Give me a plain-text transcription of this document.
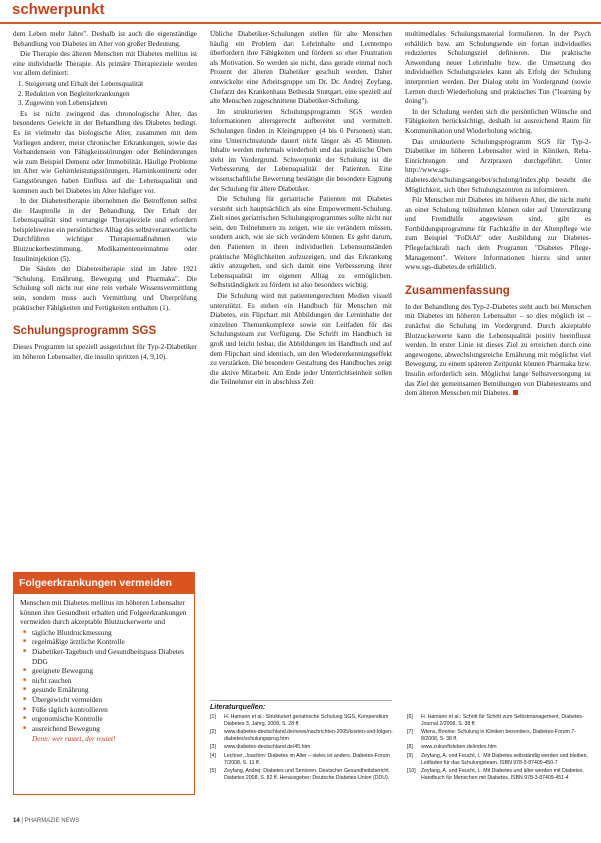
schwerpunkt

dem Leben mehr Jahre". Deshalb ist auch die eigenständige Behandlung von Diabetes im Alter von großer Bedeutung.

Die Therapie des älteren Menschen mit Diabetes mellitus ist eine individuelle Therapie. Als primäre Therapieziele werden vor allem definiert:

1. Steigerung und Erhalt der Lebensqualität
2. Reduktion von Begleiterkrankungen
3. Zugewinn von Lebensjahren

Es ist nicht zwingend das chronologische Alter, das besonderes Gewicht in der Behandlung des Diabetes bedingt. Es ist vielmehr das biologische Alter, zusammen mit dem Vorliegen anderer, meist chronischer Erkrankungen, sowie das Vorhandensein von Fähigkeitsstörungen oder Behinderungen wie zum Beispiel Demenz oder Immobilität. Häufige Probleme im Alter wie Gehirnleistungsstörungen, Harninkontinenz oder Gangstörungen haben Einfluss auf die Lebensqualität und kommen auch bei Diabetes im Alter häufiger vor.

In der Diabetestherapie übernehmen die Betroffenen selbst die Hauptrolle in der Behandlung. Der Erhalt der Lebensqualität sind vorrangige Therapieziele und erfordern beispielsweise ein persönliches Alltag des selbstverantwortliche Durchführen wichtiger Therapiemaßnahmen wie Blutzuckerbestimmung, Medikamenteneinnahme oder Insulininjektion (5).

Die Säulen der Diabetestherapie sind im Jahre 1921 "Schulung, Ernährung, Bewegung und Pharmaka". Die Schulung soll nicht nur eine rein verbale Wissensvermittlung sein, sondern muss auch Vermittlung und Überprüfung praktischer Fähigkeiten und Fertigkeiten enthalten (1).

Schulungsprogramm SGS

Dieses Programm ist speziell ausgerichtet für Typ-2-Diabetiker im höheren Lebensalter, die insulin spritzen (4, 9,10).

Folgeerkrankungen vermeiden
Menschen mit Diabetes mellitus im höheren Lebensalter können ihre Gesundheit erhalten und Folgeerkrankungen vermeiden durch akzeptable Blutzuckerwerte und
■ tägliche Blutdruckmessung
■ regelmäßige ärztliche Kontrolle
■ Diabetiker-Tagebuch und Gesundheitspass Diabetes DDG
■ geeignete Bewegung
■ nicht rauchen
■ gesunde Ernährung
■ Übergewicht vermeiden
■ Füße täglich kontrollieren
■ ergonomische Kontrolle
■ ausreichend Bewegung
Denn: wer rastet, der rostet!

Übliche Diabetiker-Schulungen stellen für alte Menschen häufig ein Problem dar: Lehrinhalte und Lerntempo überfordern ihre Fähigkeiten und fördern so eher Frustration als Motivation. So werden sie nicht, dass gerade einmal noch Prozent der älteren Diabetiker geschult werden. Daher entwickelte eine Arbeitsgruppe um Dr. Dr. Andrej Zeyfang, Chefarzt des Krankenhaus Bethesda Stuttgart, eine speziell auf alte Menschen zugeschnittene Diabetiker-Schulung.

Im strukturierten Schulungsprogramm SGS werden Informationen altersgerecht aufbereitet und vermittelt. Schulungen finden in Kleingruppen (4 bis 6 Personen) statt, eine Unterrichtsstunde dauert nicht länger als 45 Minuten. Inhalte werden mehrmals wiederholt und das praktische Üben steht im Vordergrund. Schwerpunkt der Schulung ist die Verbesserung der Lebensqualität der Patienten. Eine wissenschaftliche Bewertung bestätigte die besondere Eignung der Schulung für ältere Diabetiker.

Die Schulung für geriatrische Patienten mit Diabetes versteht sich hauptsächlich als eine Empowerment-Schulung. Zielt eines geriatrischen Schulungsprogrammes sollte nicht nur sein, den Teilnehmern zu zeigen, wie sie verändern müssen, sondern auch, wie sie sich verändern können. Es geht darum, den Patienten in ihren individuellen Lebensumständen praktische Möglichkeiten aufzuzeigen, und das Erkrankung aktiv anzugehen, und sich damit eine Verbesserung ihrer Lebensqualität im eigenen Alltag zu ermöglichen. Selbstständigkeit zu fördern ist also besonders wichtig.

Die Schulung wird mit patientengerechten Medien visuell unterstützt. Es stehen ein Handbuch für Menschen mit Diabetes, ein Flipchart mit Abbildungen der Lerninhalte der einzelnen Themenkomplexe sowie ein Leitfaden für das Schulungsteam zur Verfügung. Die Schrift im Handbuch ist groß und leicht lesbar, die Abbildungen im Handbuch und auf dem Flipchart sind identisch, um den Wiedererkennungseffekt zu verstärken. Die besondere Gestaltung des Handbuches zeigt die aktive Mitarbeit. Am Ende jeder Unterrichtseinheit sollen die Teilnehmer ein in abschluss Zeit

multimediales Schulungsmaterial formulieren. In der Psych erhältlich bzw. am Schulungsende ein fortan individuelles reduziertes Schulungsziel definieren. Die praktische Anwendung neuer Lehrinhalte bzw. die Umsetzung des individuellen Schulungszieles kann als Erfolg der Schulung interpretiert werden. Der Dialog steht im Vordergrund (sowie Lernen durch Wiederholung und praktisches Tun ("learning by doing").

In der Schulung werden sich die persönlichen Wünsche und Fähigkeiten berücksichtigt, deshalb ist ausreichend Raum für Kommunikation und Wiederholung wichtig.

Das strukturierte Schulungsprogramm SGS für Typ-2-Diabetiker im höheren Lebensalter wird in Kliniken, Reha-Einrichtungen und Arztpraxen durchgeführt. Unter http://www.sgs-diabetes.de/schulungsangebot/schulung/index.php besteht die Möglichkeit, sich über Schulungszentren zu informieren.

Für Menschen mit Diabetes im höheren Alter, die nicht mehr an einer Schulung teilnehmen können oder auf Unterstützung und Fremdhilfe angewiesen sind, gibt es Fortbildungsprogramme für Fachkräfte in der Altenpflege wie zum Beispiel "FoDiAl" oder Ausbildung zur Diabetes-Pflegefachkraft nach dem Programm "Diabetes Pflege-Management". Weitere Informationen hierzu sind unter www.sgs-diabetes.de erhältlich.

Zusammenfassung

In der Behandlung des Typ-2-Diabetes steht auch bei Menschen mit Diabetes im höheren Lebensalter – so dies möglich ist – zunächst die Schulung im Vordergrund. Durch akzeptable Blutzuckerwerte kann die Lebensqualität positiv beeinflusst werden. In erster Linie ist dieses Ziel zu erreichen durch eine angewogene, abwechslungsreiche Ernährung mit möglichst viel Bewegung, zu einem späteren Zeitpunkt können Pharmaka bzw. Insulin erforderlich sein. Möglichst lange Selbstversorgung ist das Ziel der gemeinsamen Bemühungen von Diabetesteams und dem älteren Menschen mit Diabetes.

Literaturquellen:
[1]	H. Hamann et al.: Strukturiert geriatrische Schulung SGS, Kompendium Diabetes 3, Jahrg. 2008, S. 28 ff.
[2]	www.diabetes-deutschland.de/news/nachrichten-2005/kosten-und-folgen-diabetes/schulungsprog.htm
[3]	www.diabetes-deutschland.de/45.htm
[4]	Lechner, Joachim: Diabetes im Alter – vieles ist anders, Diabetes-Forum 7/2008, S. 11 ff.
[5]	Zeyfang, Andrej: Diabetes und Senioren. Deutscher Gesundheitsbericht Diabetes 2008, S. 82 ff. Herausgeber: Deutsche Diabetes-Union (DDU).
[6]	H. Hamann et al.: Schritt für Schritt zum Selbstmanagement, Diabetes-Journal 2/2008, S. 38 ff.
[7]	Wiens, Bonnie: Schulung in Kliniken besonders, Diabetes-Forum 7-8/2008, S. 38 ff.
[8]	www.zukunftsleben.de/index.htm
[9]	Zeyfang, A. und Feucht, I.: Mit Diabetes selbständig werden und bleiben, Leitfaden für das Schulungsteam, ISBN 978-3-87409-450-7
[10]	Zeyfang, A. und Feucht, I.: Mit Diabetes und älter werden mit Diabetes. Handbuch für Menschen mit Diabetes, ISBN 978-3-87409-451-4
14 | PHARMAZIE NEWS
